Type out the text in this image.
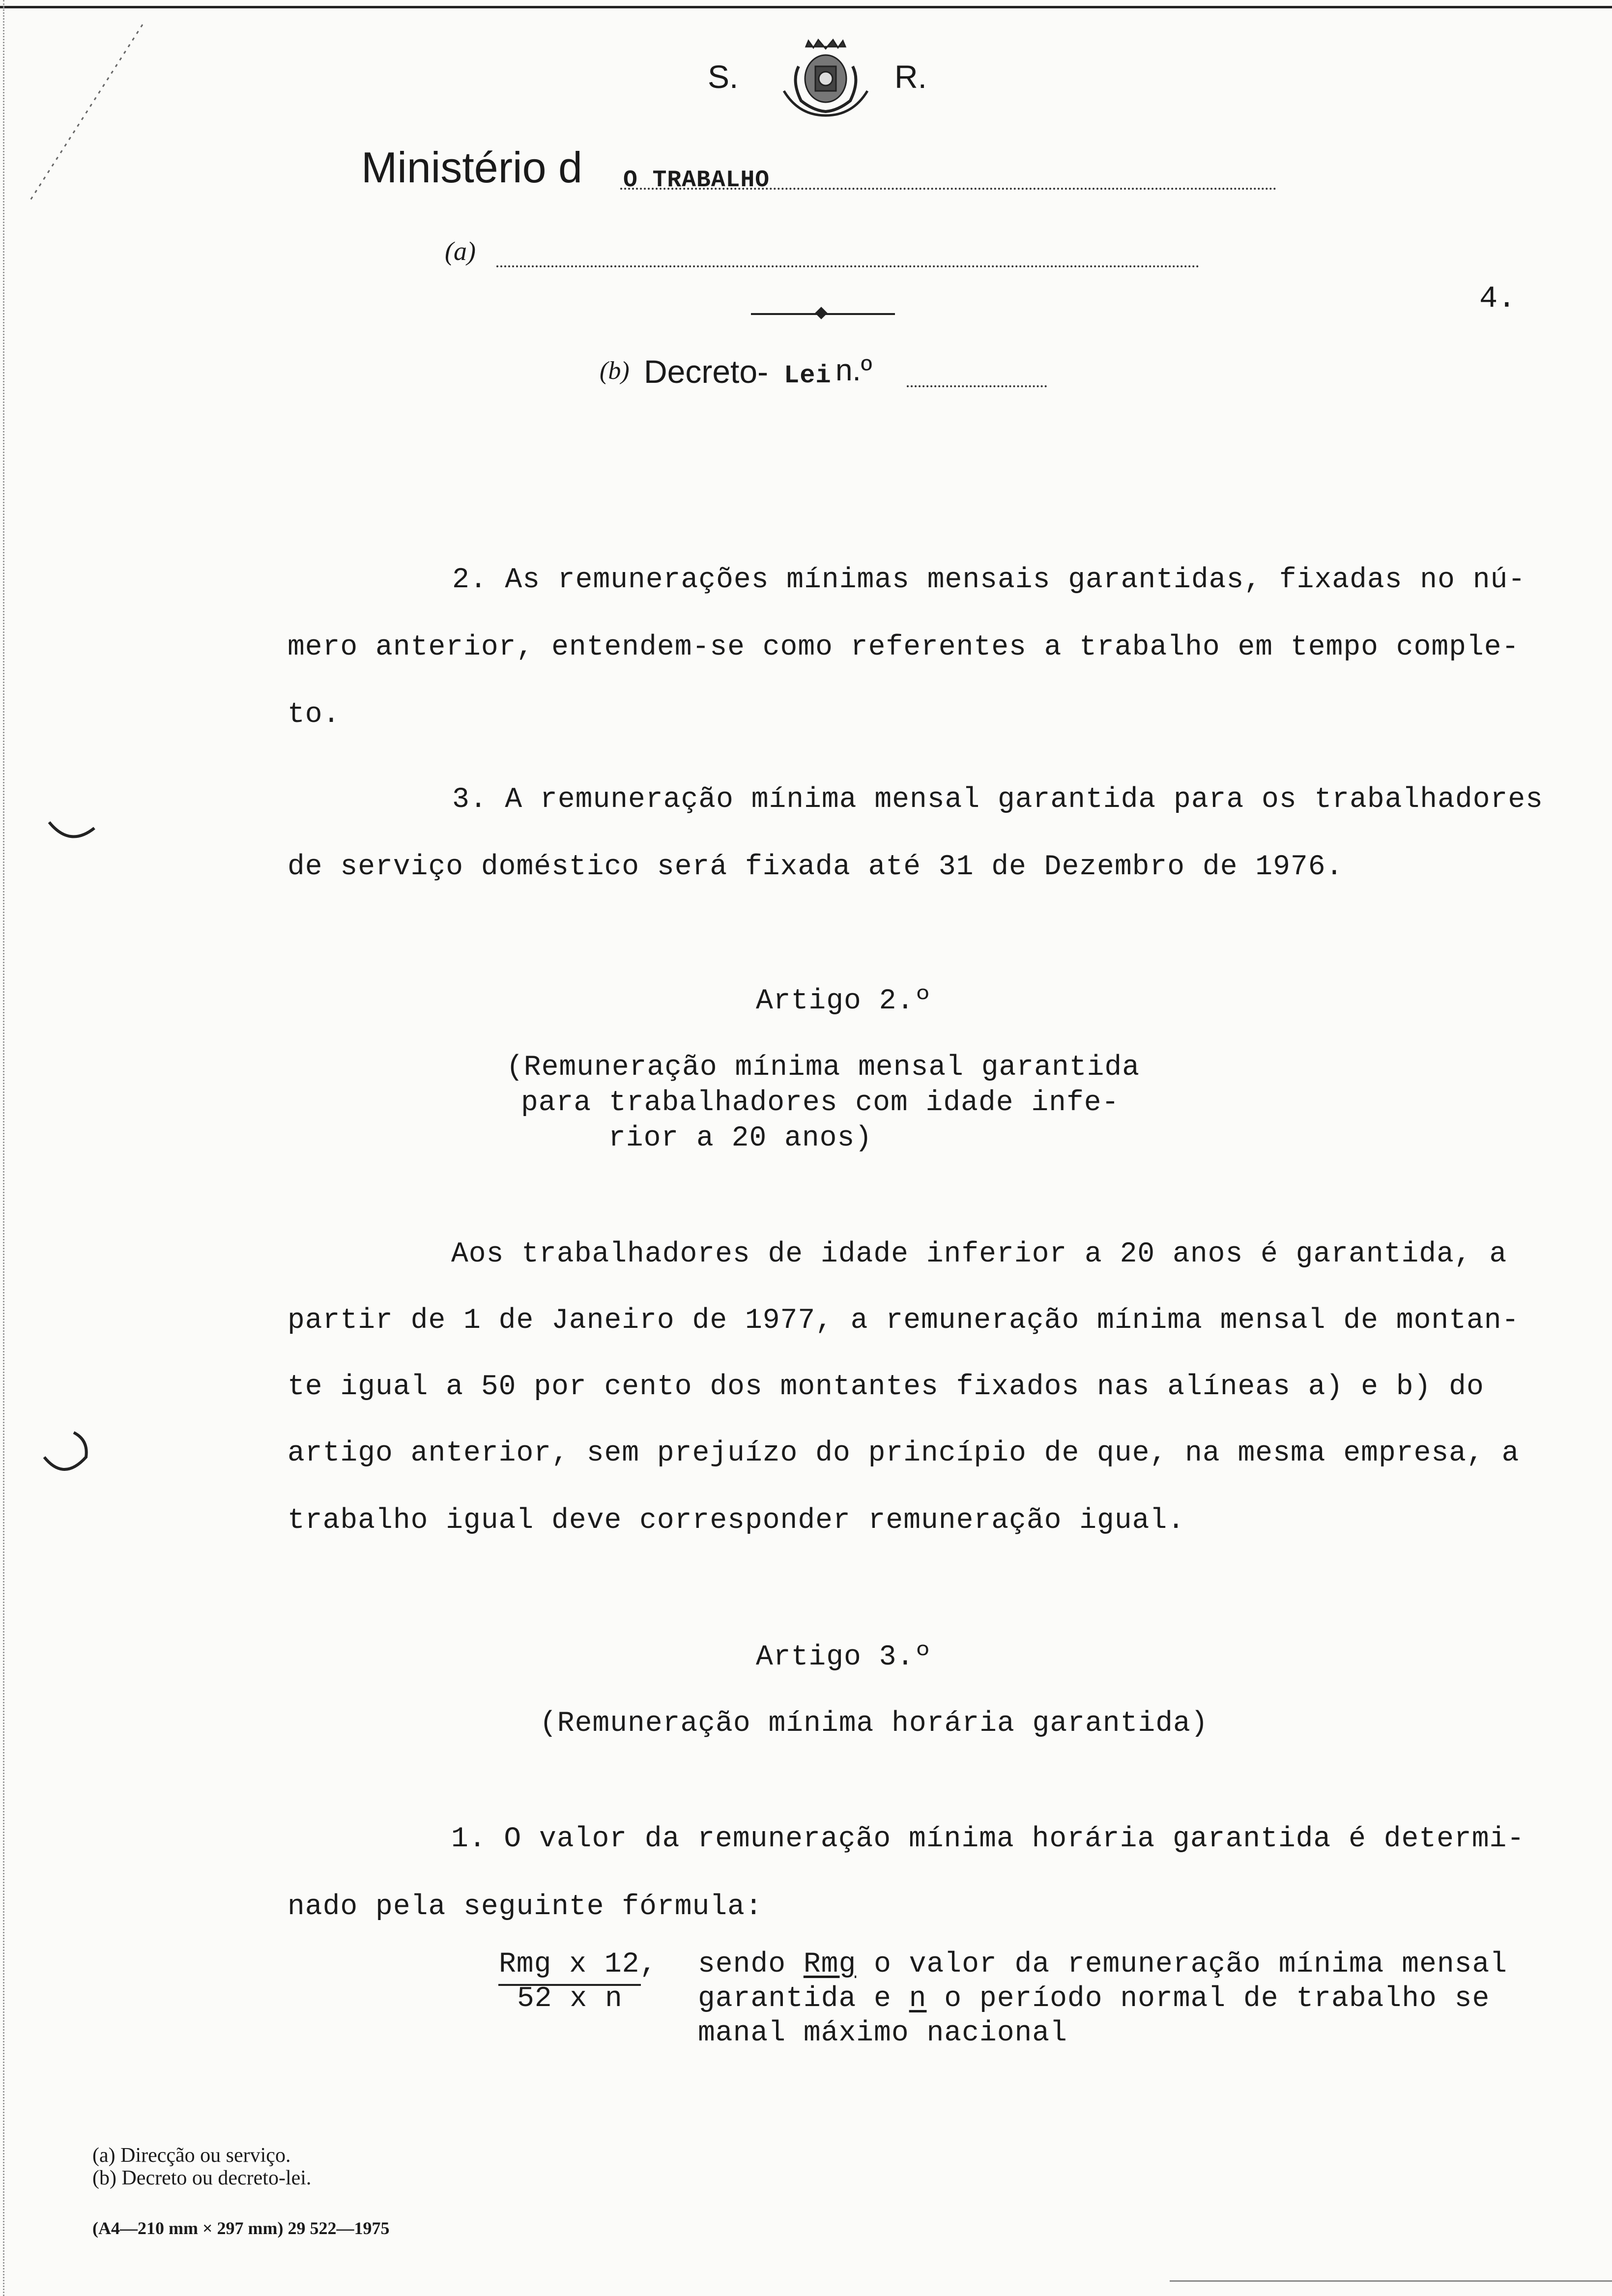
S.	R.
Ministério d O TRABALHO
(a)
4.
(b) Decreto- Lei n.º
2. As remunerações mínimas mensais garantidas, fixadas no nú-
mero anterior, entendem-se como referentes a trabalho em tempo comple-
to.
3. A remuneração mínima mensal garantida para os trabalhadores
de serviço doméstico será fixada até 31 de Dezembro de 1976.
Artigo 2.º
(Remuneração mínima mensal garantida
para trabalhadores com idade infe-
rior a 20 anos)
Aos trabalhadores de idade inferior a 20 anos é garantida, a
partir de 1 de Janeiro de 1977, a remuneração mínima mensal de montan-
te igual a 50 por cento dos montantes fixados nas alíneas a) e b) do
artigo anterior, sem prejuízo do princípio de que, na mesma empresa, a
trabalho igual deve corresponder remuneração igual.
Artigo 3.º
(Remuneração mínima horária garantida)
1. O valor da remuneração mínima horária garantida é determi-
nado pela seguinte fórmula:
Rmg x 12,
52 x n
sendo Rmg o valor da remuneração mínima mensal
garantida e n o período normal de trabalho se
manal máximo nacional
(a) Direcção ou serviço.
(b) Decreto ou decreto-lei.
(A4—210 mm × 297 mm) 29 522—1975
